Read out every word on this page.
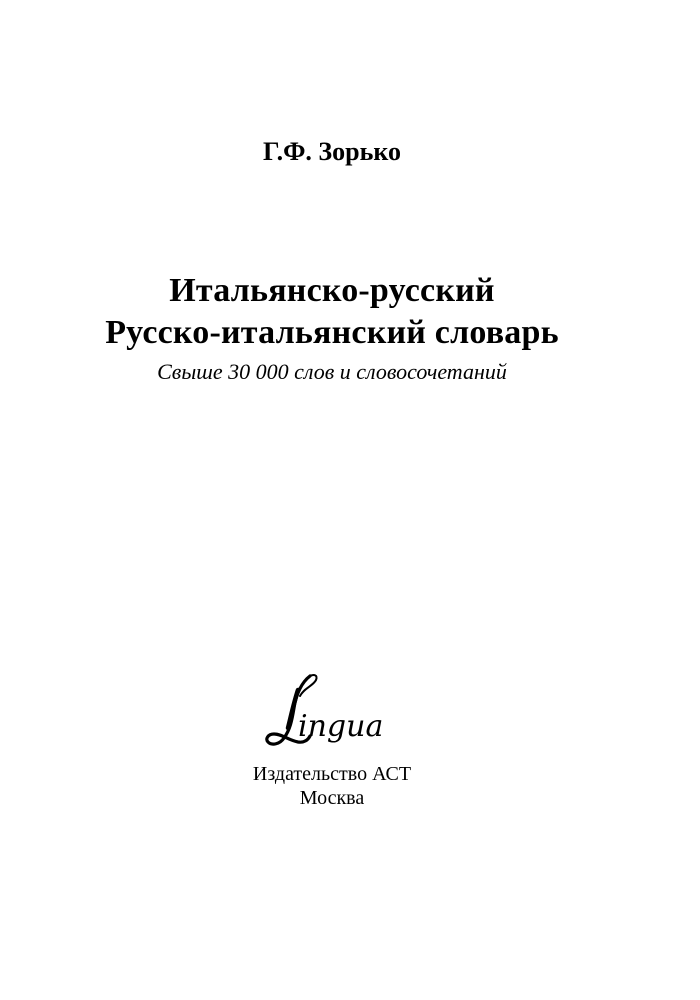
Г.Ф. Зорько
Итальянско-русский
Русско-итальянский словарь
Свыше 30 000 слов и словосочетаний
ingua
Издательство АСТ
Москва
